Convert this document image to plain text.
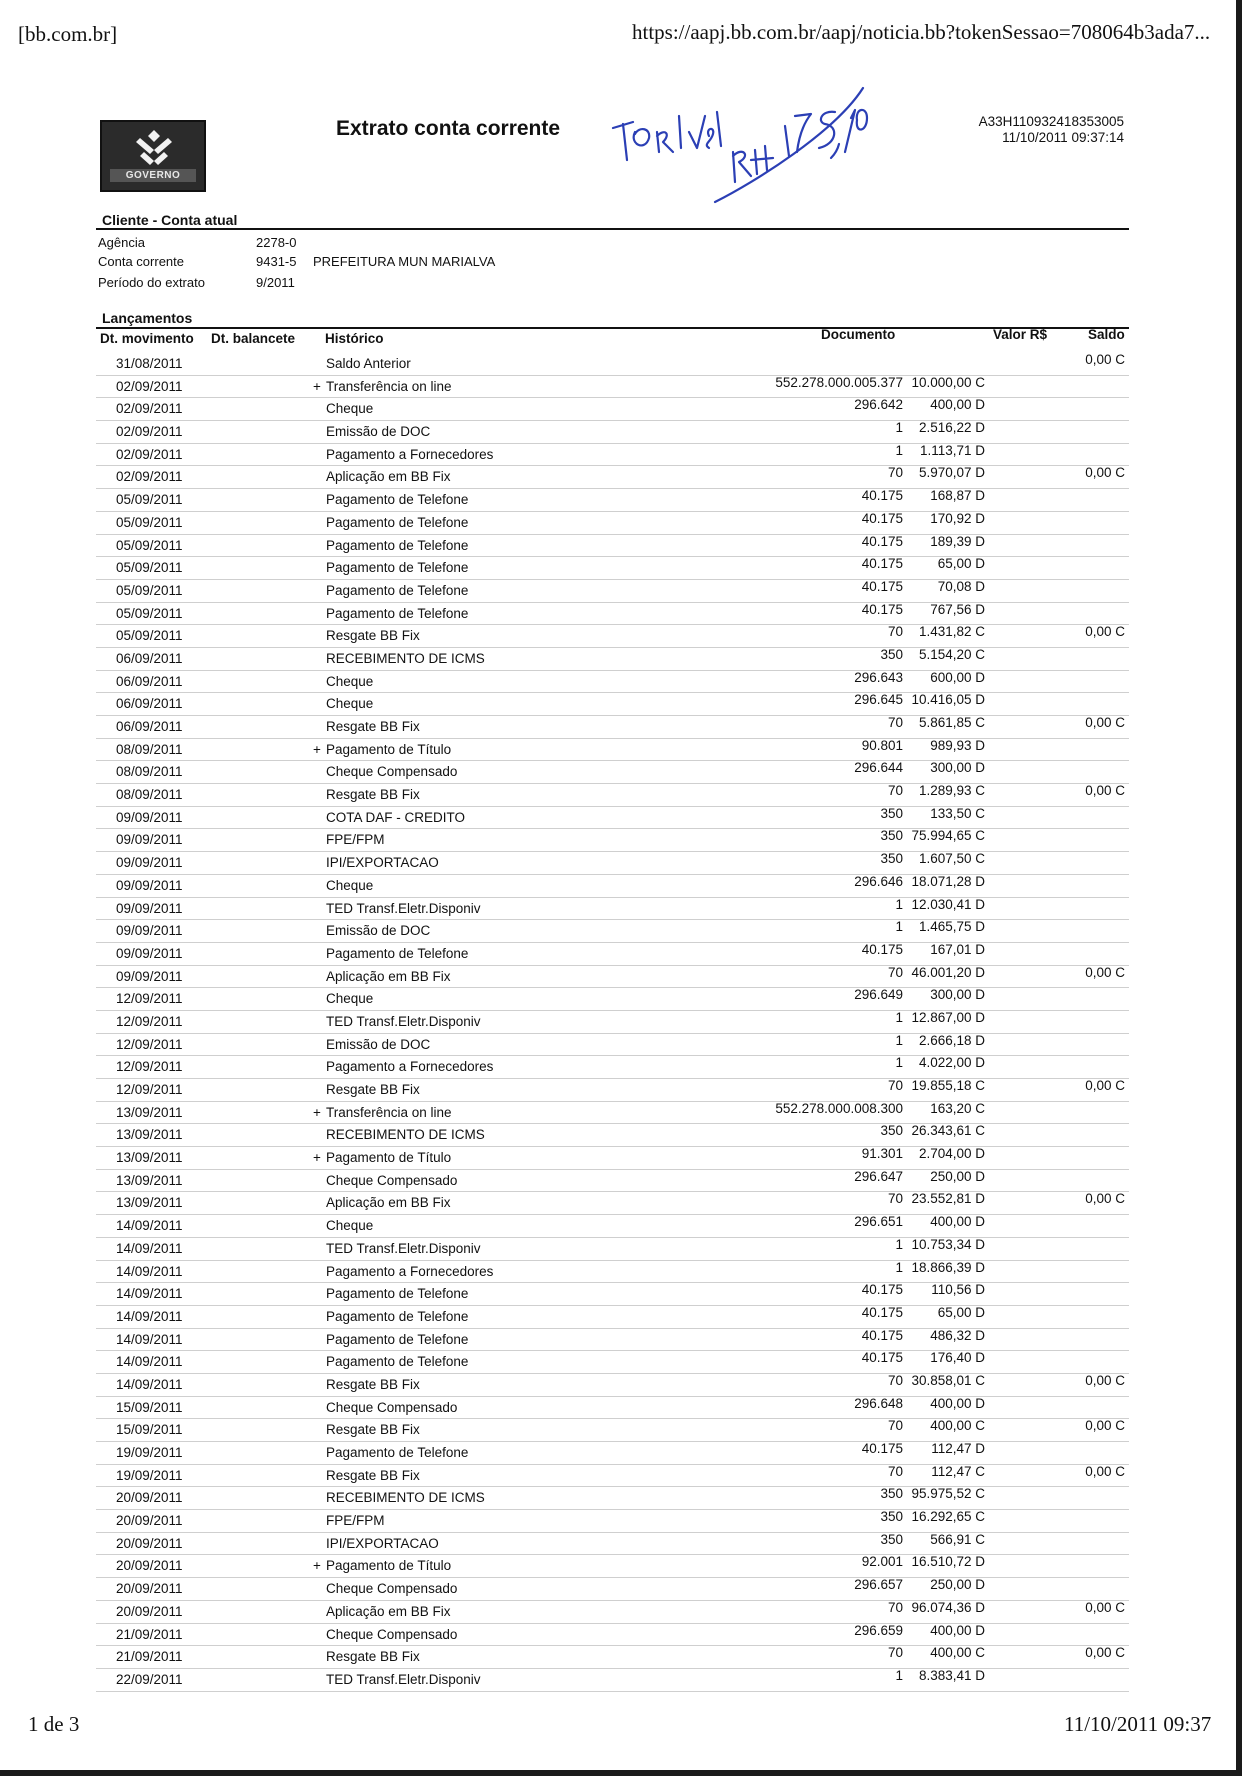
[bb.com.br]	https://aapj.bb.com.br/aapj/noticia.bb?tokenSessao=708064b3ada7...
GOVERNO
Extrato conta corrente	A33H110932418353005
11/10/2011 09:37:14
Cliente - Conta atual
Agência	2278-0
Conta corrente	9431-5 PREFEITURA MUN MARIALVA
Período do extrato	9/2011
Lançamentos
Dt. movimento Dt. balancete Histórico	Documento	Valor R$	Saldo
31/08/2011	Saldo Anterior	0,00 C
02/09/2011	+ Transferência on line	552.278.000.005.377 10.000,00 C
02/09/2011	Cheque	296.642 400,00 D
02/09/2011	Emissão de DOC	1 2.516,22 D
02/09/2011	Pagamento a Fornecedores	1 1.113,71 D
02/09/2011	Aplicação em BB Fix	70 5.970,07 D	0,00 C
05/09/2011	Pagamento de Telefone	40.175 168,87 D
05/09/2011	Pagamento de Telefone	40.175 170,92 D
05/09/2011	Pagamento de Telefone	40.175 189,39 D
05/09/2011	Pagamento de Telefone	40.175	65,00 D
05/09/2011	Pagamento de Telefone	40.175	70,08 D
05/09/2011	Pagamento de Telefone	40.175 767,56 D
05/09/2011	Resgate BB Fix	70 1.431,82 C	0,00 C
06/09/2011	RECEBIMENTO DE ICMS	350 5.154,20 C
06/09/2011	Cheque	296.643 600,00 D
06/09/2011	Cheque	296.645 10.416,05 D
06/09/2011	Resgate BB Fix	70 5.861,85 C	0,00 C
08/09/2011	+ Pagamento de Título	90.801 989,93 D
08/09/2011	Cheque Compensado	296.644 300,00 D
08/09/2011	Resgate BB Fix	70 1.289,93 C	0,00 C
09/09/2011	COTA DAF - CREDITO	350 133,50 C
09/09/2011	FPE/FPM	350 75.994,65 C
09/09/2011	IPI/EXPORTACAO	350 1.607,50 C
09/09/2011	Cheque	296.646 18.071,28 D
09/09/2011	TED Transf.Eletr.Disponiv	1 12.030,41 D
09/09/2011	Emissão de DOC	1 1.465,75 D
09/09/2011	Pagamento de Telefone	40.175 167,01 D
09/09/2011	Aplicação em BB Fix	70 46.001,20 D	0,00 C
12/09/2011	Cheque	296.649 300,00 D
12/09/2011	TED Transf.Eletr.Disponiv	1 12.867,00 D
12/09/2011	Emissão de DOC	1 2.666,18 D
12/09/2011	Pagamento a Fornecedores	1 4.022,00 D
12/09/2011	Resgate BB Fix	70 19.855,18 C	0,00 C
13/09/2011	+ Transferência on line	552.278.000.008.300 163,20 C
13/09/2011	RECEBIMENTO DE ICMS	350 26.343,61 C
13/09/2011	+ Pagamento de Título	91.301 2.704,00 D
13/09/2011	Cheque Compensado	296.647 250,00 D
13/09/2011	Aplicação em BB Fix	70 23.552,81 D	0,00 C
14/09/2011	Cheque	296.651 400,00 D
14/09/2011	TED Transf.Eletr.Disponiv	1 10.753,34 D
14/09/2011	Pagamento a Fornecedores	1 18.866,39 D
14/09/2011	Pagamento de Telefone	40.175 110,56 D
14/09/2011	Pagamento de Telefone	40.175	65,00 D
14/09/2011	Pagamento de Telefone	40.175 486,32 D
14/09/2011	Pagamento de Telefone	40.175 176,40 D
14/09/2011	Resgate BB Fix	70 30.858,01 C	0,00 C
15/09/2011	Cheque Compensado	296.648 400,00 D
15/09/2011	Resgate BB Fix	70 400,00 C	0,00 C
19/09/2011	Pagamento de Telefone	40.175 112,47 D
19/09/2011	Resgate BB Fix	70 112,47 C	0,00 C
20/09/2011	RECEBIMENTO DE ICMS	350 95.975,52 C
20/09/2011	FPE/FPM	350 16.292,65 C
20/09/2011	IPI/EXPORTACAO	350 566,91 C
20/09/2011	+ Pagamento de Título	92.001 16.510,72 D
20/09/2011	Cheque Compensado	296.657 250,00 D
20/09/2011	Aplicação em BB Fix	70 96.074,36 D	0,00 C
21/09/2011	Cheque Compensado	296.659 400,00 D
21/09/2011	Resgate BB Fix	70 400,00 C	0,00 C
22/09/2011	TED Transf.Eletr.Disponiv	1 8.383,41 D
1 de 3	11/10/2011 09:37
